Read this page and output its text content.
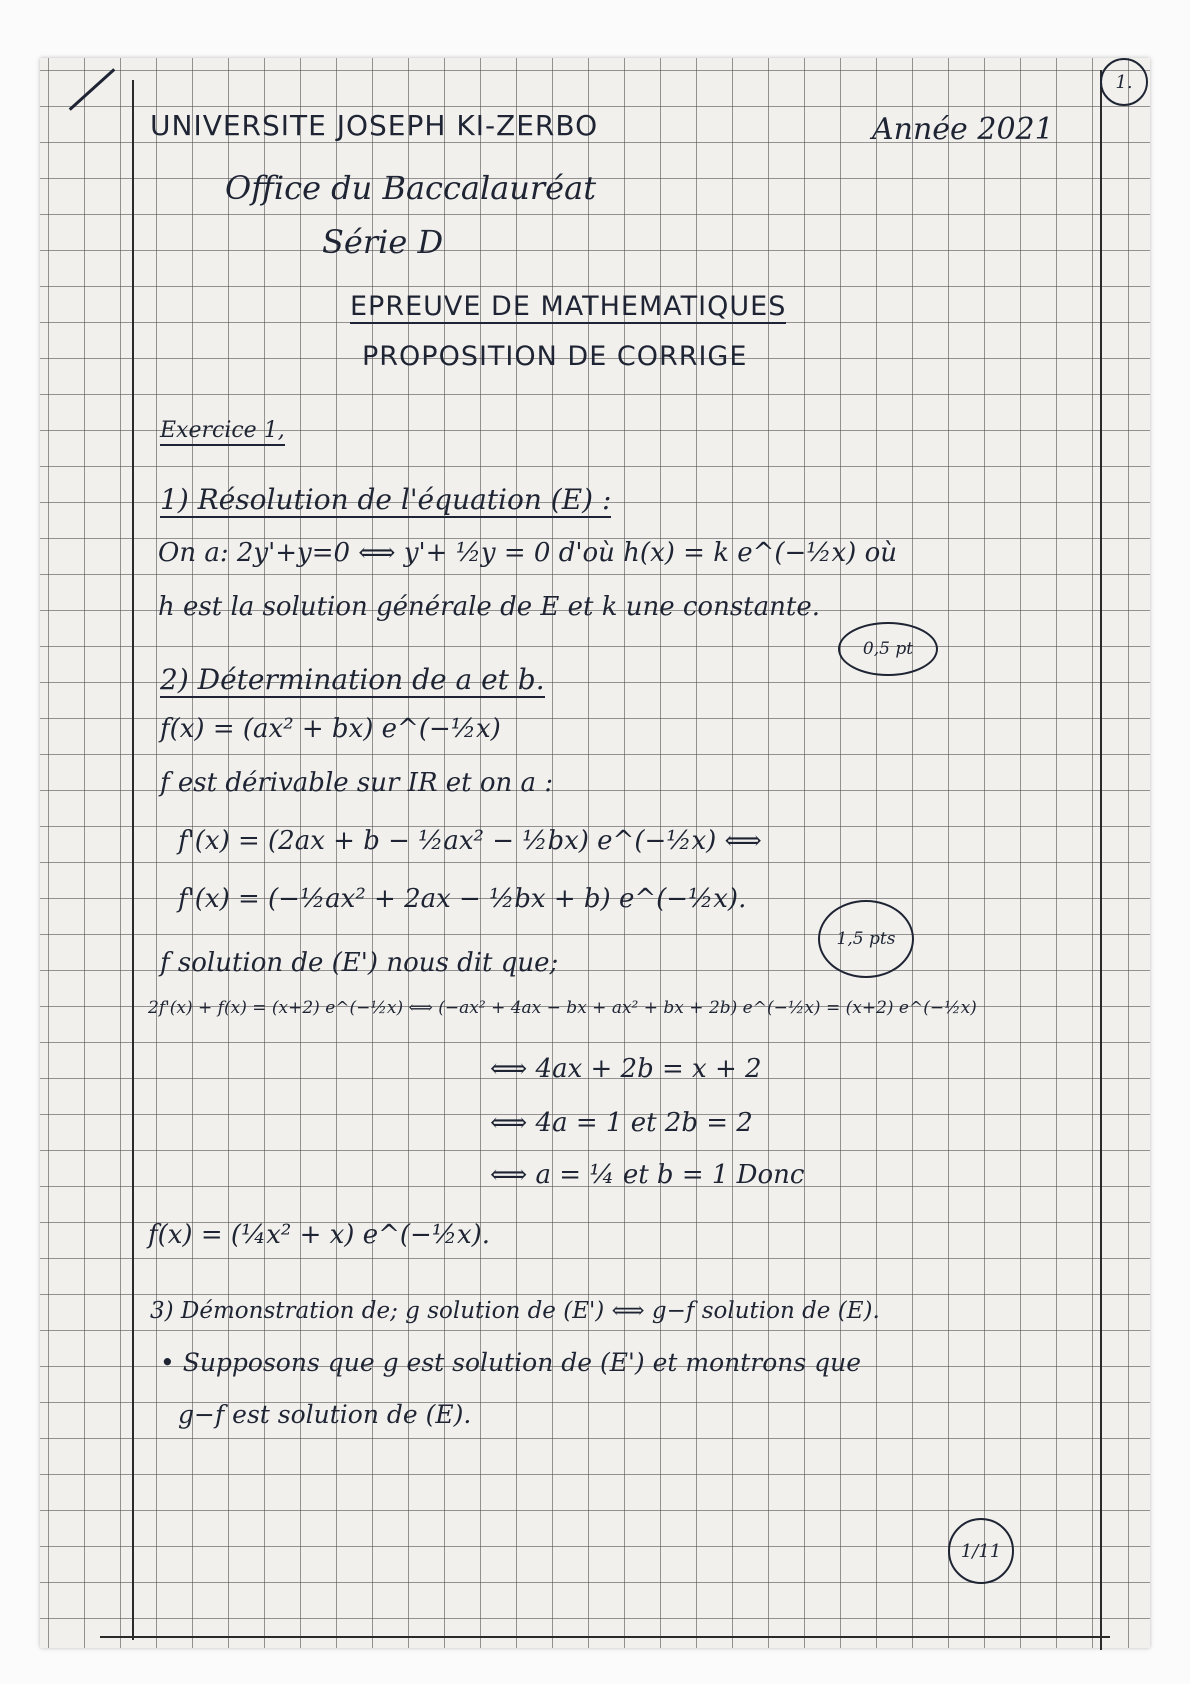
UNIVERSITE JOSEPH KI-ZERBO	Année 2021
1.
Office du Baccalauréat
Série D
EPREUVE DE MATHEMATIQUES
PROPOSITION DE CORRIGE
Exercice 1,
1) Résolution de l'équation (E) :
On a: 2y'+y=0 ⟺ y'+ ½y = 0 d'où h(x) = k e^(−½x) où
h est la solution générale de E et k une constante.
0,5 pt
2) Détermination de a et b.
f(x) = (ax² + bx) e^(−½x)
f est dérivable sur IR et on a :
f'(x) = (2ax + b − ½ax² − ½bx) e^(−½x) ⟺
f'(x) = (−½ax² + 2ax − ½bx + b) e^(−½x).
1,5 pts
f solution de (E') nous dit que;
2f'(x) + f(x) = (x+2) e^(−½x) ⟺ (−ax² + 4ax − bx + ax² + bx + 2b) e^(−½x) = (x+2) e^(−½x)
⟺ 4ax + 2b = x + 2
⟺ 4a = 1 et 2b = 2
⟺ a = ¼ et b = 1 Donc
f(x) = (¼x² + x) e^(−½x).
3) Démonstration de; g solution de (E') ⟺ g−f solution de (E).
• Supposons que g est solution de (E') et montrons que
g−f est solution de (E).
1/11
